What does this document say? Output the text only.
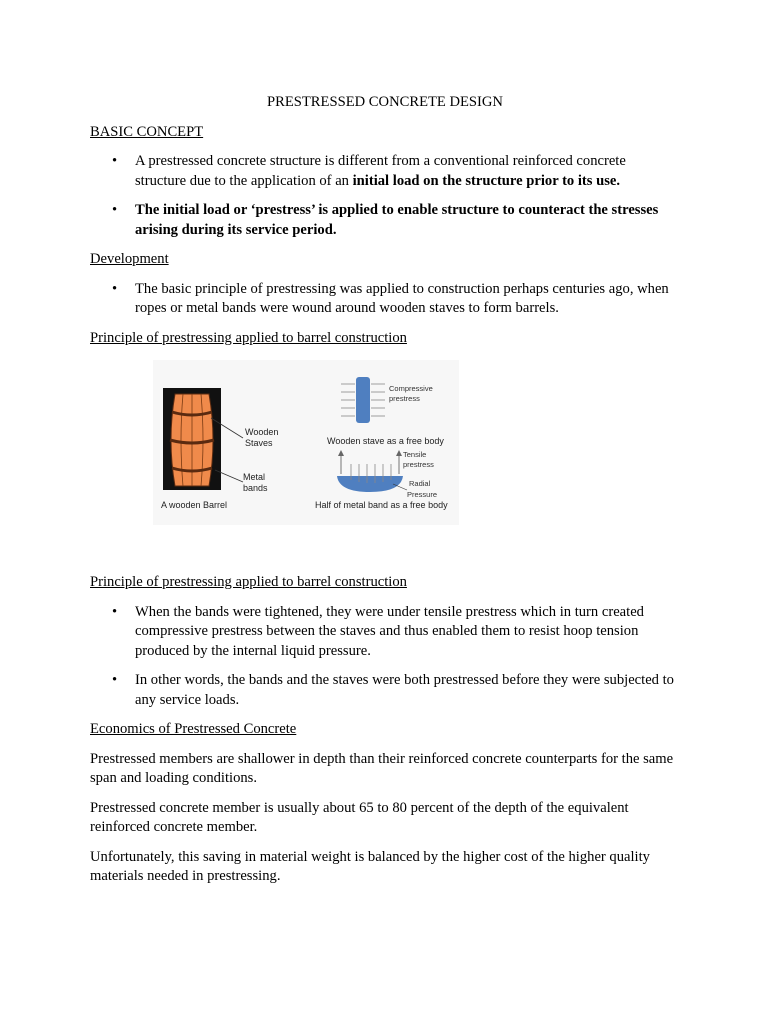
PRESTRESSED CONCRETE DESIGN
BASIC CONCEPT
• A prestressed concrete structure is different from a conventional reinforced concrete structure due to the application of an initial load on the structure prior to its use.
• The initial load or ‘prestress’ is applied to enable structure to counteract the stresses arising during its service period.
Development
• The basic principle of prestressing was applied to construction perhaps centuries ago, when ropes or metal bands were wound around wooden staves to form barrels.
Principle of prestressing applied to barrel construction
Wooden
Staves
Metal
bands
A wooden Barrel
Compressive
prestress
Wooden stave as a free body
Tensile
prestress
Radial
Pressure
Half of metal band as a free body
Principle of prestressing applied to barrel construction
• When the bands were tightened, they were under tensile prestress which in turn created compressive prestress between the staves and thus enabled them to resist hoop tension produced by the internal liquid pressure.
• In other words, the bands and the staves were both prestressed before they were subjected to any service loads.
Economics of Prestressed Concrete
Prestressed members are shallower in depth than their reinforced concrete counterparts for the same span and loading conditions.
Prestressed concrete member is usually about 65 to 80 percent of the depth of the equivalent reinforced concrete member.
Unfortunately, this saving in material weight is balanced by the higher cost of the higher quality materials needed in prestressing.
